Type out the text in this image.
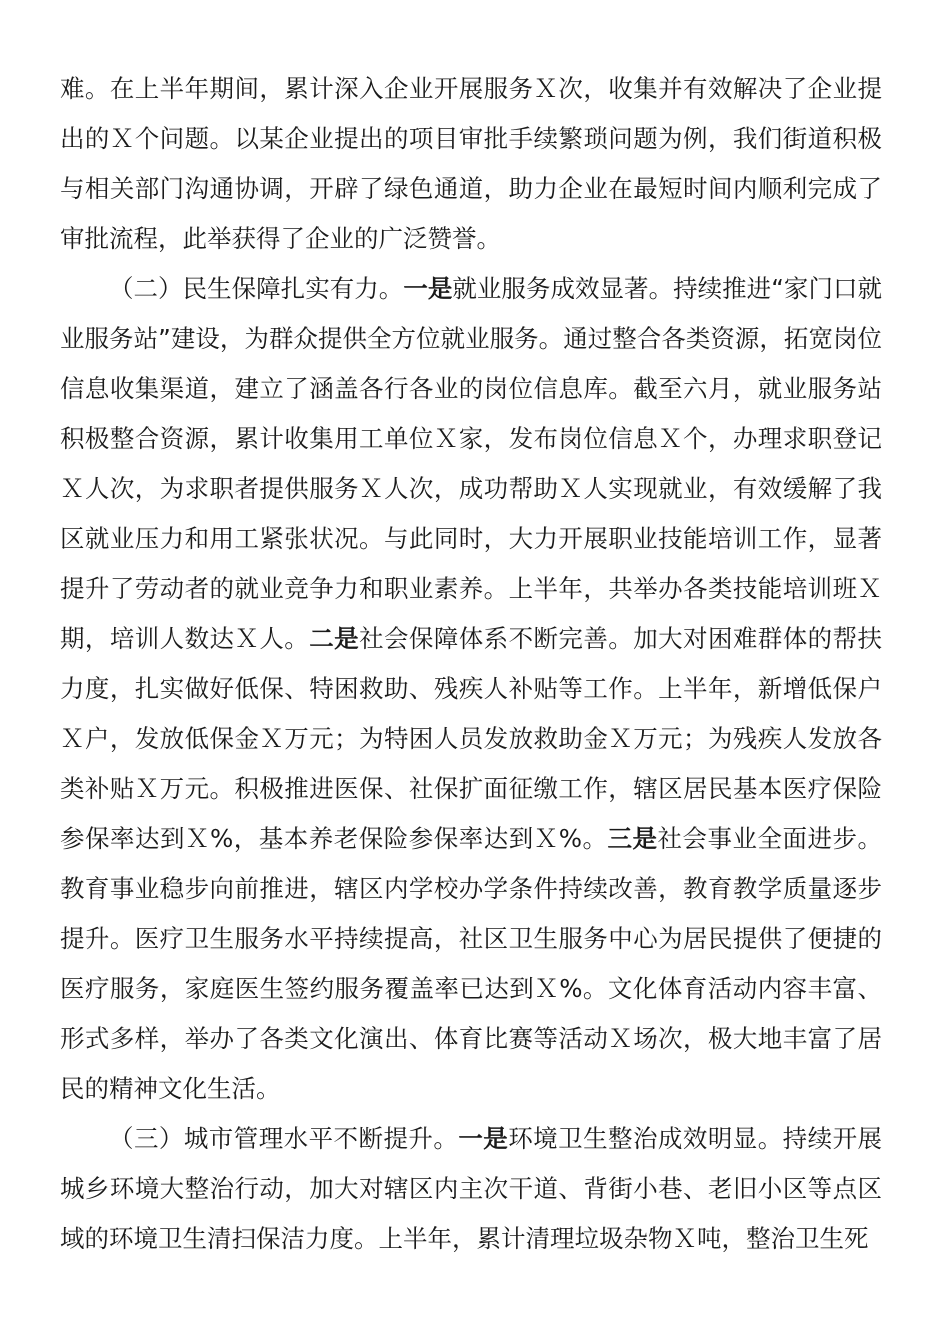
难。在上半年期间，累计深入企业开展服务Ｘ次，收集并有效解决了企业提出的Ｘ个问题。以某企业提出的项目审批手续繁琐问题为例，我们街道积极与相关部门沟通协调，开辟了绿色通道，助力企业在最短时间内顺利完成了审批流程，此举获得了企业的广泛赞誉。

（二）民生保障扎实有力。一是就业服务成效显著。持续推进“家门口就业服务站”建设，为群众提供全方位就业服务。通过整合各类资源，拓宽岗位信息收集渠道，建立了涵盖各行各业的岗位信息库。截至六月，就业服务站积极整合资源，累计收集用工单位Ｘ家，发布岗位信息Ｘ个，办理求职登记Ｘ人次，为求职者提供服务Ｘ人次，成功帮助Ｘ人实现就业，有效缓解了我区就业压力和用工紧张状况。与此同时，大力开展职业技能培训工作，显著提升了劳动者的就业竞争力和职业素养。上半年，共举办各类技能培训班Ｘ期，培训人数达Ｘ人。二是社会保障体系不断完善。加大对困难群体的帮扶力度，扎实做好低保、特困救助、残疾人补贴等工作。上半年，新增低保户Ｘ户，发放低保金Ｘ万元；为特困人员发放救助金Ｘ万元；为残疾人发放各类补贴Ｘ万元。积极推进医保、社保扩面征缴工作，辖区居民基本医疗保险参保率达到Ｘ%，基本养老保险参保率达到Ｘ%。三是社会事业全面进步。教育事业稳步向前推进，辖区内学校办学条件持续改善，教育教学质量逐步提升。医疗卫生服务水平持续提高，社区卫生服务中心为居民提供了便捷的医疗服务，家庭医生签约服务覆盖率已达到Ｘ%。文化体育活动内容丰富、形式多样，举办了各类文化演出、体育比赛等活动Ｘ场次，极大地丰富了居民的精神文化生活。

（三）城市管理水平不断提升。一是环境卫生整治成效明显。持续开展城乡环境大整治行动，加大对辖区内主次干道、背街小巷、老旧小区等点区域的环境卫生清扫保洁力度。上半年，累计清理垃圾杂物Ｘ吨，整治卫生死
